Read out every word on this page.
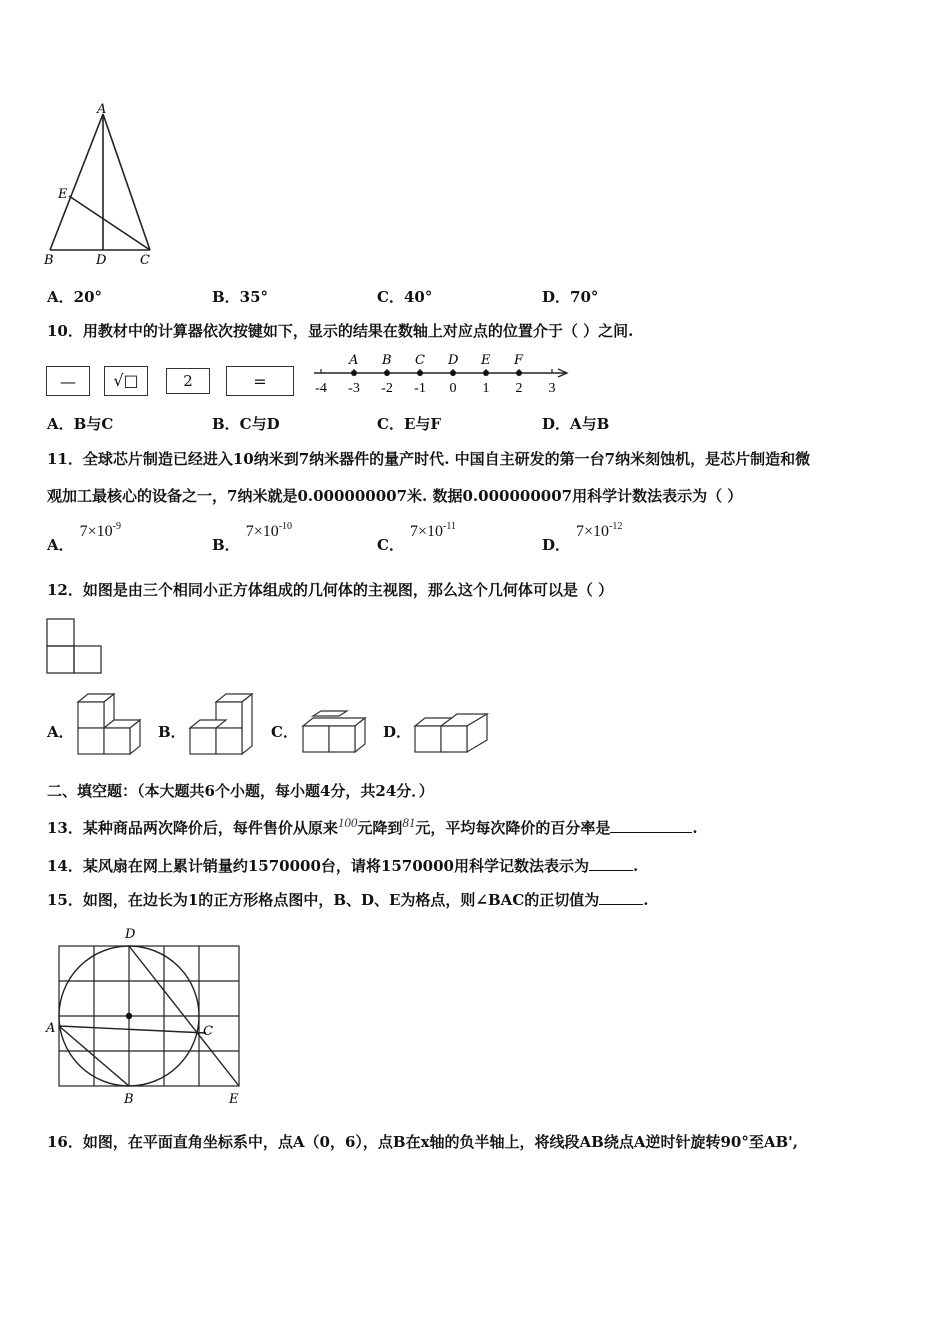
A
E
B	D	C
A．20°	B．35°	C．40°	D．70°
10．用教材中的计算器依次按键如下，显示的结果在数轴上对应点的位置介于（ ）之间.
—	√□	2	=
A B C D E F
-4 -3 -2 -1 0 1 2 3
A．B与C	B．C与D	C．E与F	D．A与B
11．全球芯片制造已经进入10纳米到7纳米器件的量产时代. 中国自主研发的第一台7纳米刻蚀机，是芯片制造和微
观加工最核心的设备之一，7纳米就是0.000000007米. 数据0.000000007用科学计数法表示为（ ）
A．$7\times 10^{-9}$
B．$7\times 10^{-10}$
C．$7\times 10^{-11}$
D．$7\times 10^{-12}$
12．如图是由三个相同小正方体组成的几何体的主视图，那么这个几何体可以是（ ）
A．	B．	C．	D．
二、填空题：（本大题共6个小题，每小题4分，共24分．）
13．某种商品两次降价后，每件售价从原来100元降到81元，平均每次降价的百分率是	.
14．某风扇在网上累计销量约1570000台，请将1570000用科学记数法表示为	.
15．如图，在边长为1的正方形格点图中，B、D、E为格点，则∠BAC的正切值为	.
D
A	C
B	E
16．如图，在平面直角坐标系中，点A（0，6），点B在x轴的负半轴上，将线段AB绕点A逆时针旋转90°至AB',
